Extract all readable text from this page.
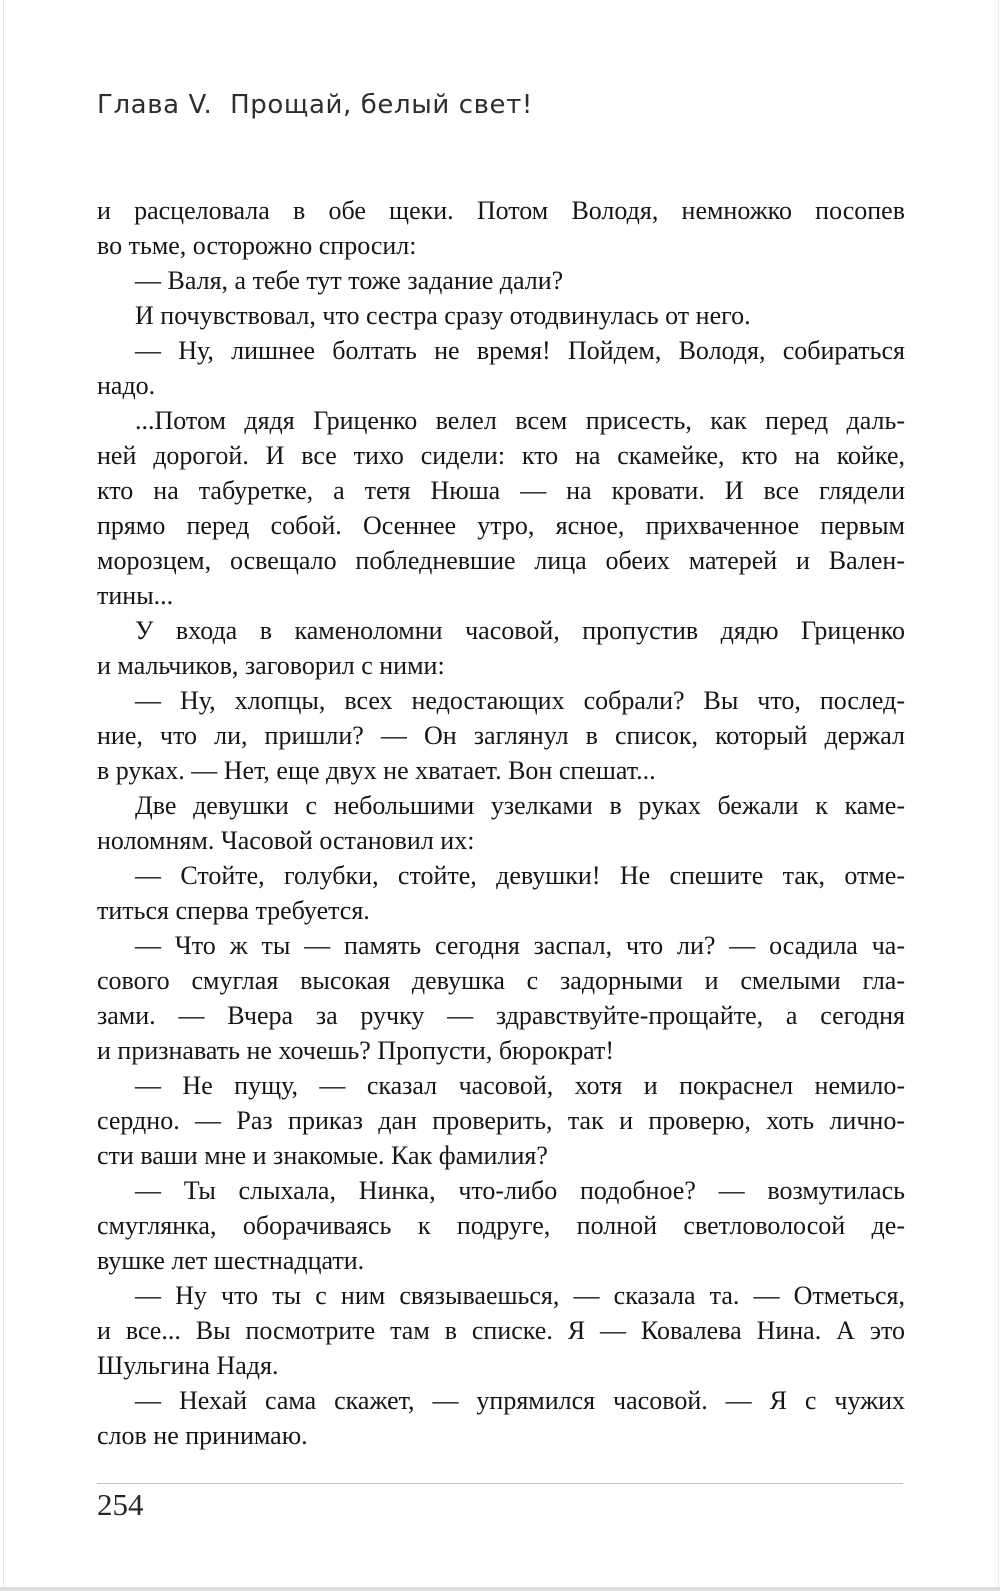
Глава V.  Прощай, белый свет!
и расцеловала в обе щеки. Потом Володя, немножко посопев
во тьме, осторожно спросил:
— Валя, а тебе тут тоже задание дали?
И почувствовал, что сестра сразу отодвинулась от него.
— Ну, лишнее болтать не время! Пойдем, Володя, собираться
надо.
...Потом дядя Гриценко велел всем присесть, как перед даль-
ней дорогой. И все тихо сидели: кто на скамейке, кто на койке,
кто на табуретке, а тетя Нюша — на кровати. И все глядели
прямо перед собой. Осеннее утро, ясное, прихваченное первым
морозцем, освещало побледневшие лица обеих матерей и Вален-
тины...
У входа в каменоломни часовой, пропустив дядю Гриценко
и мальчиков, заговорил с ними:
— Ну, хлопцы, всех недостающих собрали? Вы что, послед-
ние, что ли, пришли? — Он заглянул в список, который держал
в руках. — Нет, еще двух не хватает. Вон спешат...
Две девушки с небольшими узелками в руках бежали к каме-
ноломням. Часовой остановил их:
— Стойте, голубки, стойте, девушки! Не спешите так, отме-
титься сперва требуется.
— Что ж ты — память сегодня заспал, что ли? — осадила ча-
сового смуглая высокая девушка с задорными и смелыми гла-
зами. — Вчера за ручку — здравствуйте-прощайте, а сегодня
и признавать не хочешь? Пропусти, бюрократ!
— Не пущу, — сказал часовой, хотя и покраснел немило-
сердно. — Раз приказ дан проверить, так и проверю, хоть лично-
сти ваши мне и знакомые. Как фамилия?
— Ты слыхала, Нинка, что-либо подобное? — возмутилась
смуглянка, оборачиваясь к подруге, полной светловолосой де-
вушке лет шестнадцати.
— Ну что ты с ним связываешься, — сказала та. — Отметься,
и все... Вы посмотрите там в списке. Я — Ковалева Нина. А это
Шульгина Надя.
— Нехай сама скажет, — упрямился часовой. — Я с чужих
слов не принимаю.
254
